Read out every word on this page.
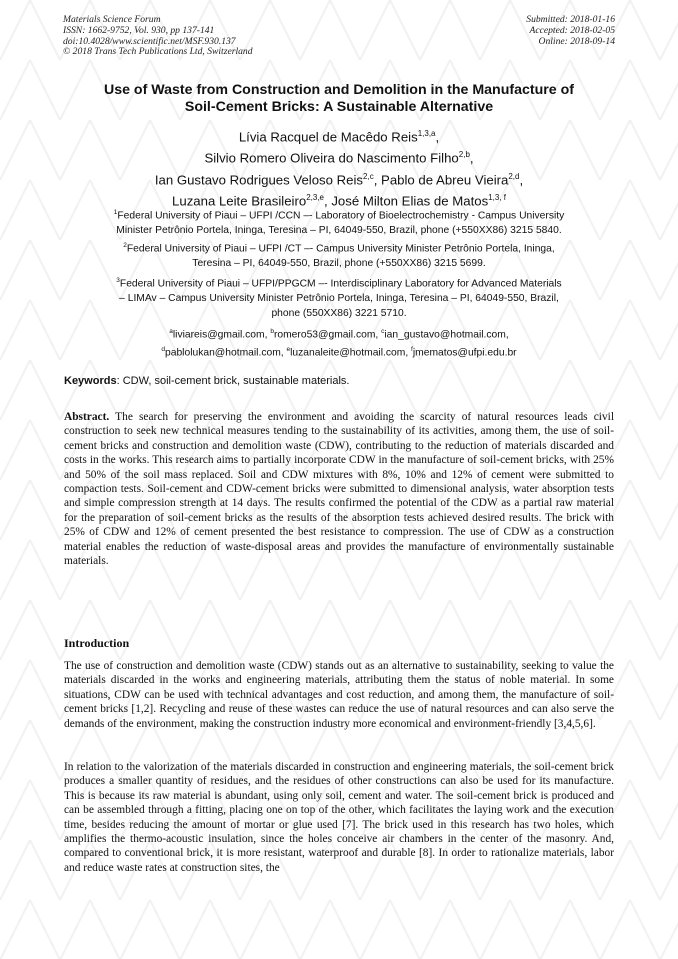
Materials Science Forum
ISSN: 1662-9752, Vol. 930, pp 137-141
doi:10.4028/www.scientific.net/MSF.930.137
© 2018 Trans Tech Publications Ltd, Switzerland
Submitted: 2018-01-16
Accepted: 2018-02-05
Online: 2018-09-14
Use of Waste from Construction and Demolition in the Manufacture of
Soil-Cement Bricks: A Sustainable Alternative
Lívia Racquel de Macêdo Reis$^{1,3,a}$,
Silvio Romero Oliveira do Nascimento Filho$^{2,b}$,
Ian Gustavo Rodrigues Veloso Reis$^{2,c}$, Pablo de Abreu Vieira$^{2,d}$,
Luzana Leite Brasileiro$^{2,3,e}$, José Milton Elias de Matos$^{1,3, f}$
$^1$Federal University of Piaui – UFPI /CCN –- Laboratory of Bioelectrochemistry - Campus University
Minister Petrônio Portela, Ininga, Teresina – PI, 64049-550, Brazil, phone (+550XX86) 3215 5840.
$^2$Federal University of Piaui – UFPI /CT –- Campus University Minister Petrônio Portela, Ininga,
Teresina – PI, 64049-550, Brazil, phone (+550XX86) 3215 5699.
$^3$Federal University of Piaui – UFPI/PPGCM –- Interdisciplinary Laboratory for Advanced Materials
– LIMAv – Campus University Minister Petrônio Portela, Ininga, Teresina – PI, 64049-550, Brazil,
phone (550XX86) 3221 5710.
$^a$liviareis@gmail.com, $^b$romero53@gmail.com, $^c$ian_gustavo@hotmail.com,
$^d$pablolukan@hotmail.com, $^e$luzanaleite@hotmail.com, $^f$jmematos@ufpi.edu.br
Keywords: CDW, soil-cement brick, sustainable materials.
Abstract. The search for preserving the environment and avoiding the scarcity of natural resources leads civil construction to seek new technical measures tending to the sustainability of its activities, among them, the use of soil-cement bricks and construction and demolition waste (CDW), contributing to the reduction of materials discarded and costs in the works. This research aims to partially incorporate CDW in the manufacture of soil-cement bricks, with 25% and 50% of the soil mass replaced. Soil and CDW mixtures with 8%, 10% and 12% of cement were submitted to compaction tests. Soil-cement and CDW-cement bricks were submitted to dimensional analysis, water absorption tests and simple compression strength at 14 days. The results confirmed the potential of the CDW as a partial raw material for the preparation of soil-cement bricks as the results of the absorption tests achieved desired results. The brick with 25% of CDW and 12% of cement presented the best resistance to compression. The use of CDW as a construction material enables the reduction of waste-disposal areas and provides the manufacture of environmentally sustainable materials.
Introduction
The use of construction and demolition waste (CDW) stands out as an alternative to sustainability, seeking to value the materials discarded in the works and engineering materials, attributing them the status of noble material. In some situations, CDW can be used with technical advantages and cost reduction, and among them, the manufacture of soil-cement bricks [1,2]. Recycling and reuse of these wastes can reduce the use of natural resources and can also serve the demands of the environment, making the construction industry more economical and environment-friendly [3,4,5,6].
In relation to the valorization of the materials discarded in construction and engineering materials, the soil-cement brick produces a smaller quantity of residues, and the residues of other constructions can also be used for its manufacture. This is because its raw material is abundant, using only soil, cement and water. The soil-cement brick is produced and can be assembled through a fitting, placing one on top of the other, which facilitates the laying work and the execution time, besides reducing the amount of mortar or glue used [7]. The brick used in this research has two holes, which amplifies the thermo-acoustic insulation, since the holes conceive air chambers in the center of the masonry. And, compared to conventional brick, it is more resistant, waterproof and durable [8]. In order to rationalize materials, labor and reduce waste rates at construction sites, the
